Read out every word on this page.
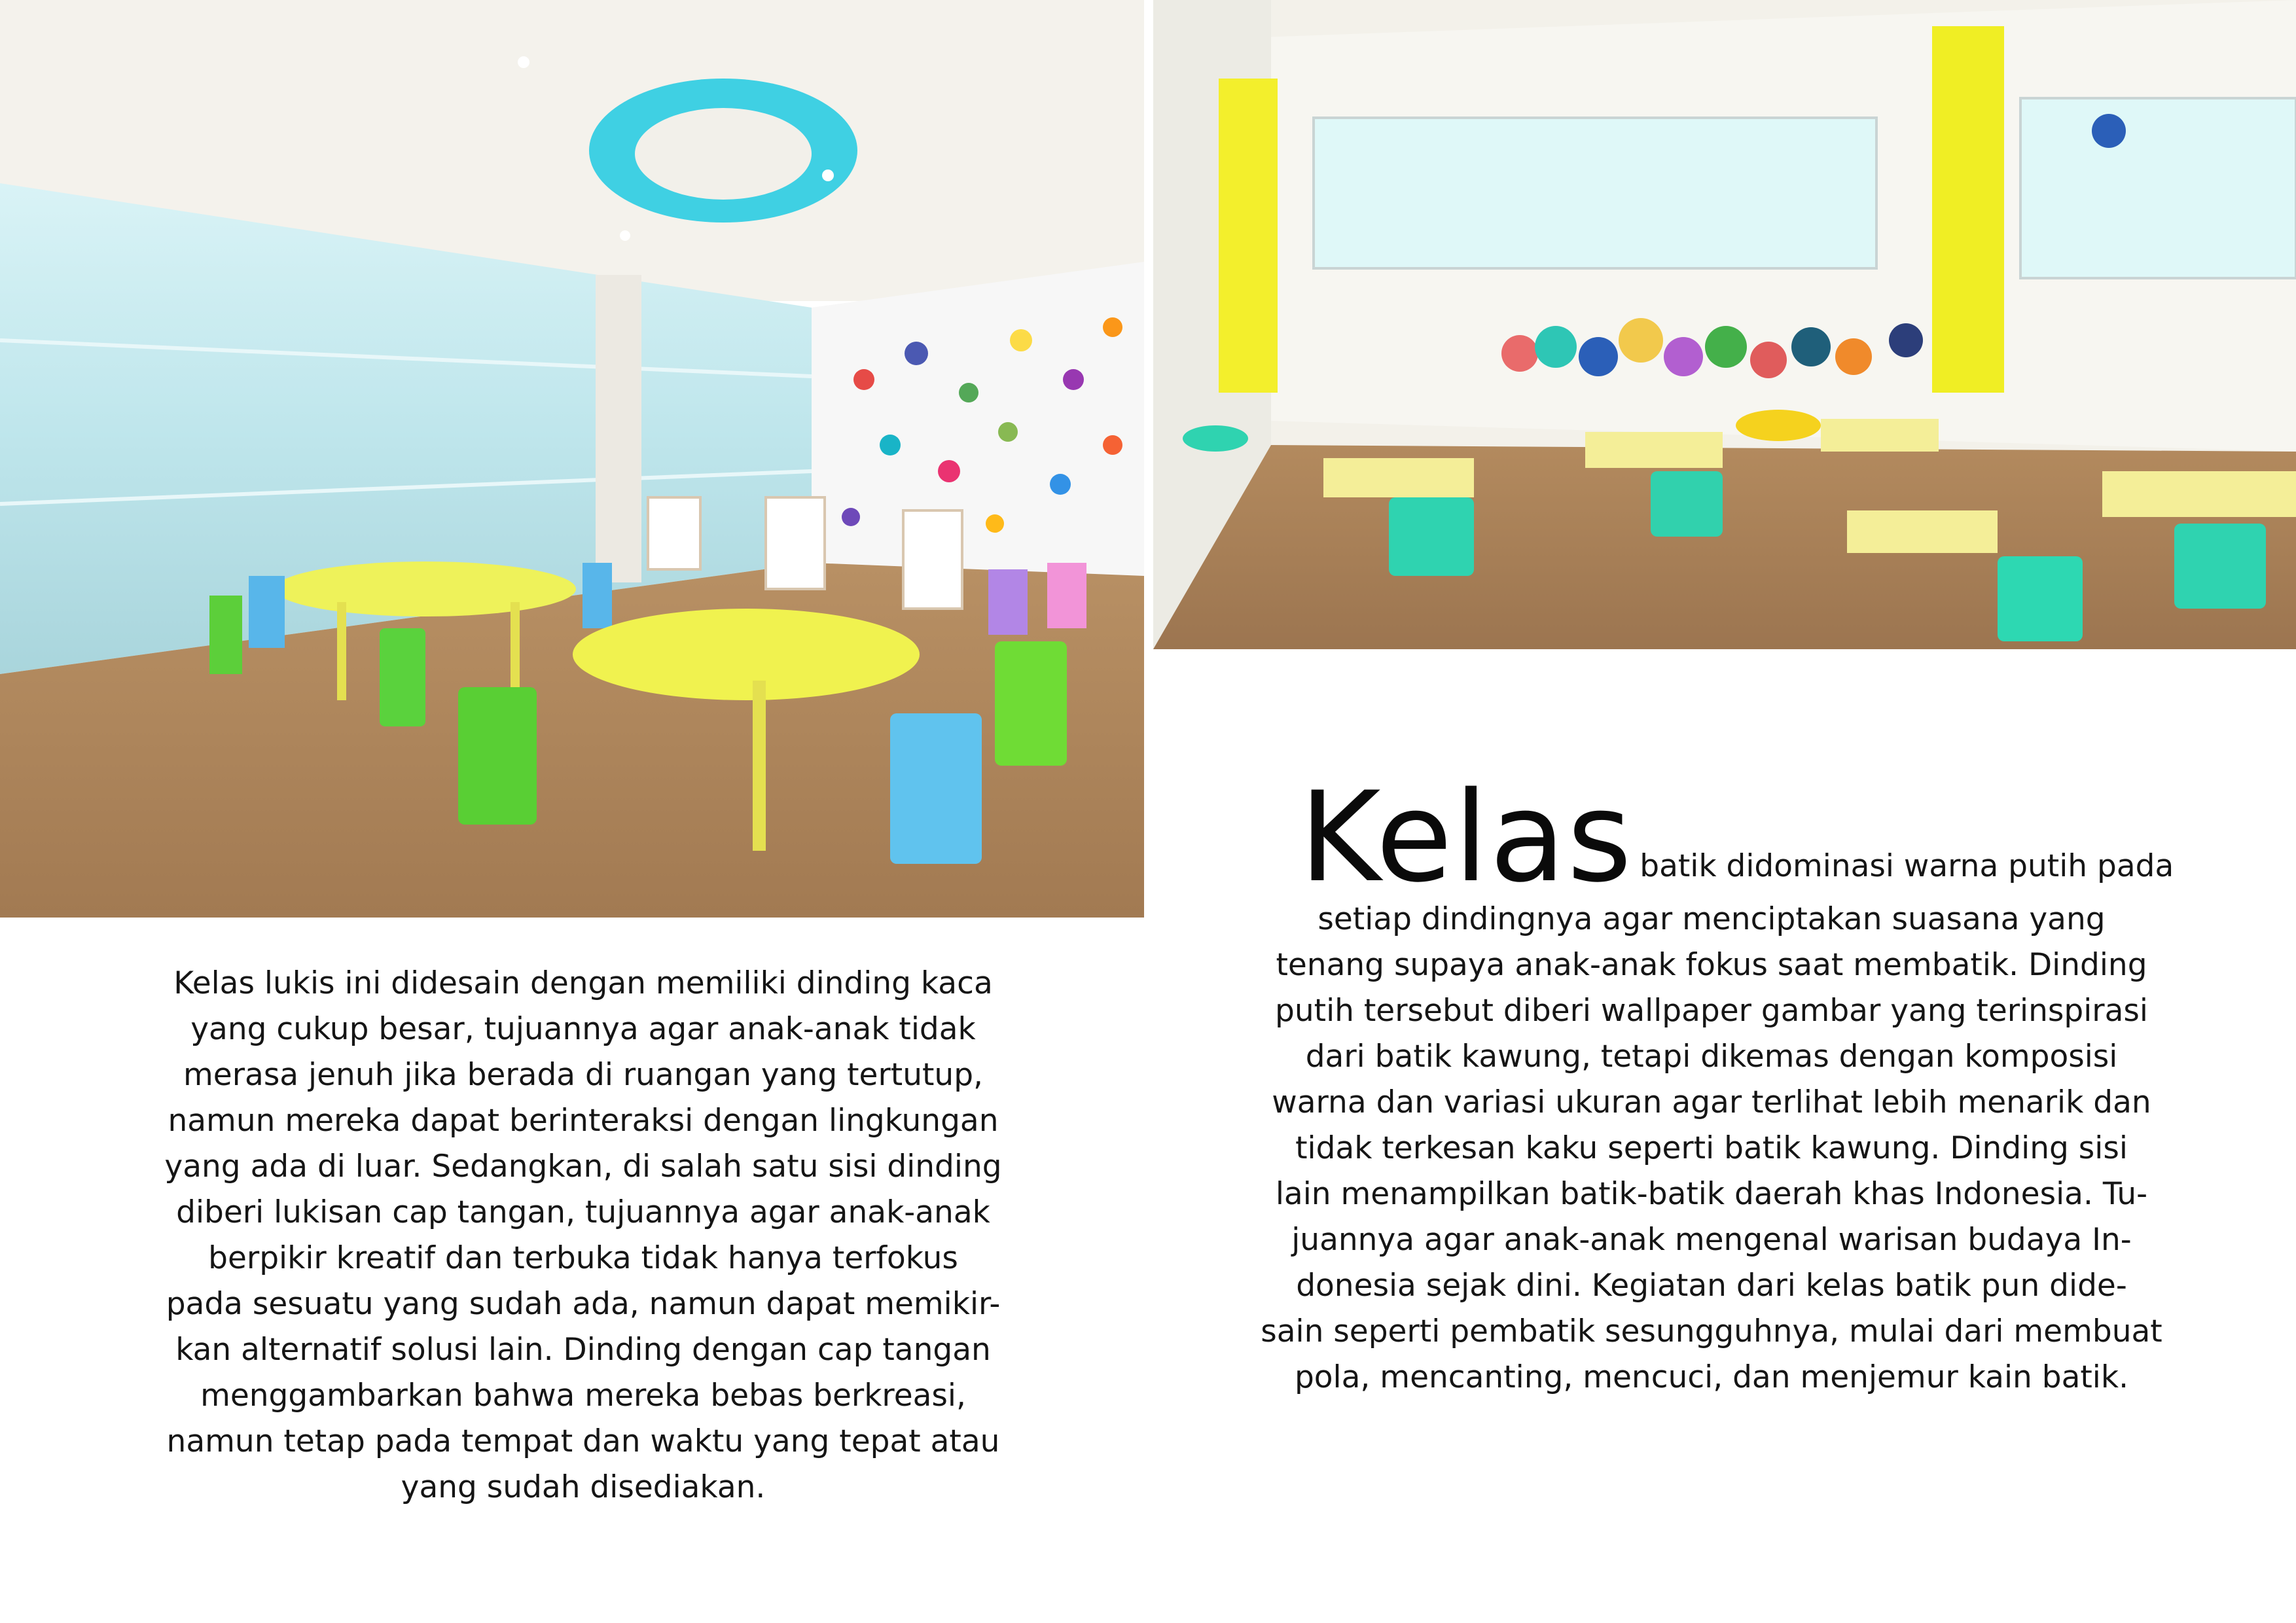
Kelas lukis ini didesain dengan memiliki dinding kaca

yang cukup besar, tujuannya agar anak-anak tidak

merasa jenuh jika berada di ruangan yang tertutup,

namun mereka dapat berinteraksi dengan lingkungan

yang ada di luar. Sedangkan, di salah satu sisi dinding

diberi lukisan cap tangan, tujuannya agar anak-anak

berpikir kreatif dan terbuka tidak hanya terfokus

pada sesuatu yang sudah ada, namun dapat memikir-

kan alternatif solusi lain. Dinding dengan cap tangan

menggambarkan bahwa mereka bebas berkreasi,

namun tetap pada tempat dan waktu yang tepat atau

yang sudah disediakan.

Kelas batik didominasi warna putih pada

setiap dindingnya agar menciptakan suasana yang

tenang supaya anak-anak fokus saat membatik. Dinding

putih tersebut diberi wallpaper gambar yang terinspirasi

dari batik kawung, tetapi dikemas dengan komposisi

warna dan variasi ukuran agar terlihat lebih menarik dan

tidak terkesan kaku seperti batik kawung. Dinding sisi

lain menampilkan batik-batik daerah khas Indonesia. Tu-

juannya agar anak-anak mengenal warisan budaya In-

donesia sejak dini. Kegiatan dari kelas batik pun dide-

sain seperti pembatik sesungguhnya, mulai dari membuat

pola, mencanting, mencuci, dan menjemur kain batik.
